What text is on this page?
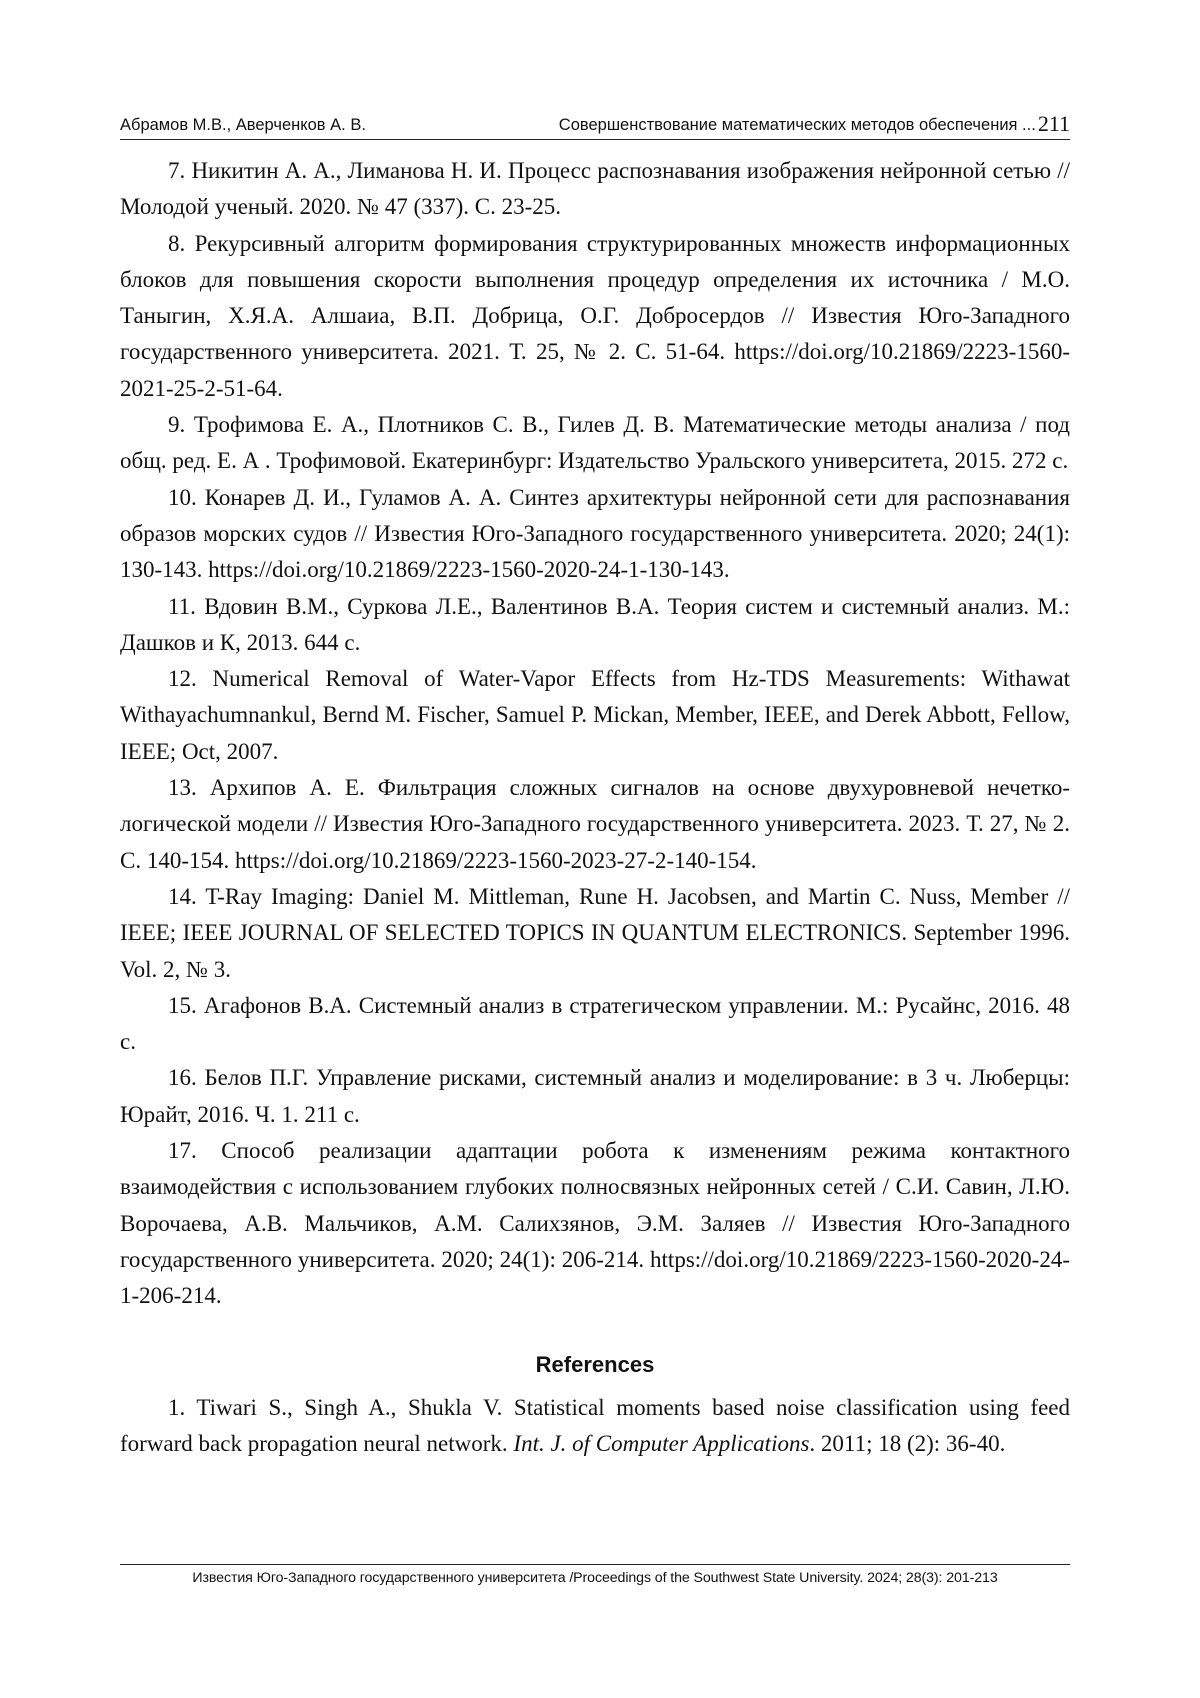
Абрамов М.В., Аверченков А. В.	Совершенствование математических методов обеспечения ... 211

7. Никитин А. А., Лиманова Н. И. Процесс распознавания изображения нейронной сетью // Молодой ученый. 2020. № 47 (337). С. 23-25.

8. Рекурсивный алгоритм формирования структурированных множеств информационных блоков для повышения скорости выполнения процедур определения их источника / М.О. Таныгин, Х.Я.А. Алшаиа, В.П. Добрица, О.Г. Добросердов // Известия Юго-Западного государственного университета. 2021. Т. 25, № 2. С. 51-64. https://doi.org/10.21869/2223-1560-2021-25-2-51-64.

9. Трофимова Е. А., Плотников С. В., Гилев Д. В. Математические методы анализа / под общ. ред. Е. А . Трофимовой. Екатеринбург: Издательство Уральского университета, 2015. 272 с.

10. Конарев Д. И., Гуламов А. А. Синтез архитектуры нейронной сети для распознавания образов морских судов // Известия Юго-Западного государственного университета. 2020; 24(1): 130-143. https://doi.org/10.21869/2223-1560-2020-24-1-130-143.

11. Вдовин В.М., Суркова Л.Е., Валентинов В.А. Теория систем и системный анализ. М.: Дашков и К, 2013. 644 с.

12. Numerical Removal of Water-Vapor Effects from Hz-TDS Measurements: Withawat Withayachumnankul, Bernd M. Fischer, Samuel P. Mickan, Member, IEEE, and Derek Abbott, Fellow, IEEE; Oct, 2007.

13. Архипов А. Е. Фильтрация сложных сигналов на основе двухуровневой нечетко-логической модели // Известия Юго-Западного государственного университета. 2023. Т. 27, № 2. С. 140-154. https://doi.org/10.21869/2223-1560-2023-27-2-140-154.

14. T-Ray Imaging: Daniel M. Mittleman, Rune H. Jacobsen, and Martin C. Nuss, Member // IEEE; IEEE JOURNAL OF SELECTED TOPICS IN QUANTUM ELECTRONICS. September 1996. Vol. 2, № 3.

15. Агафонов В.А. Системный анализ в стратегическом управлении. М.: Русайнс, 2016. 48 с.

16. Белов П.Г. Управление рисками, системный анализ и моделирование: в 3 ч. Люберцы: Юрайт, 2016. Ч. 1. 211 с.

17. Способ реализации адаптации робота к изменениям режима контактного взаимодействия с использованием глубоких полносвязных нейронных сетей / С.И. Савин, Л.Ю. Ворочаева, А.В. Мальчиков, А.М. Салихзянов, Э.М. Заляев // Известия Юго-Западного государственного университета. 2020; 24(1): 206-214. https://doi.org/10.21869/2223-1560-2020-24-1-206-214.

References

1. Tiwari S., Singh A., Shukla V. Statistical moments based noise classification using feed forward back propagation neural network. Int. J. of Computer Applications. 2011; 18 (2): 36-40.

Известия Юго-Западного государственного университета /Proceedings of the Southwest State University. 2024; 28(3): 201-213
